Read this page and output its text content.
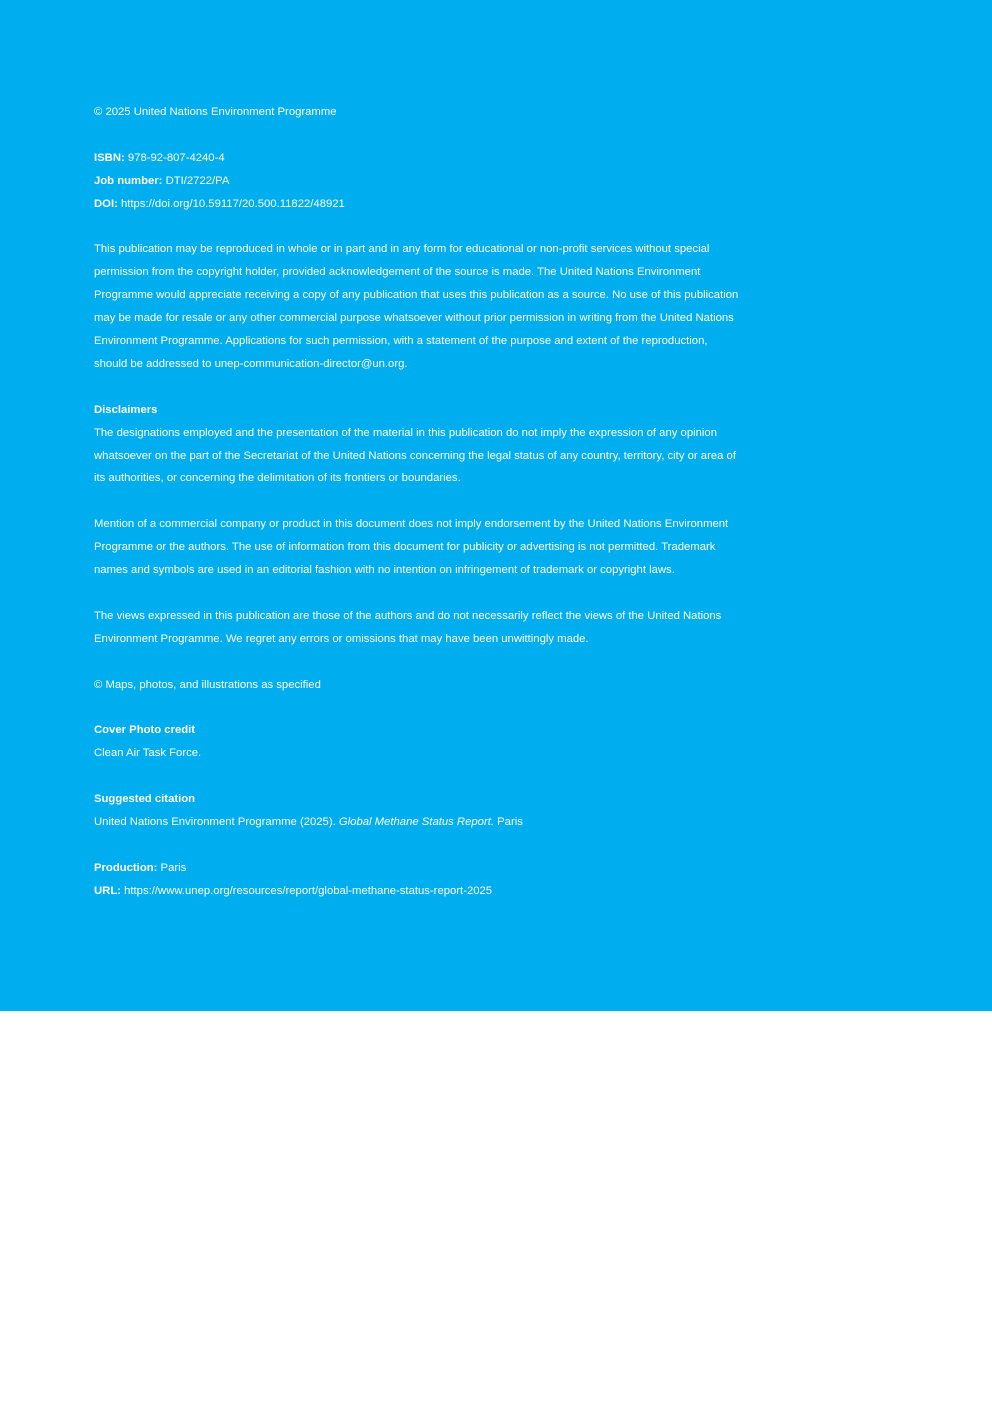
© 2025 United Nations Environment Programme

ISBN: 978-92-807-4240-4

Job number: DTI/2722/PA

DOI: https://doi.org/10.59117/20.500.11822/48921

This publication may be reproduced in whole or in part and in any form for educational or non-profit services without special permission from the copyright holder, provided acknowledgement of the source is made. The United Nations Environment Programme would appreciate receiving a copy of any publication that uses this publication as a source. No use of this publication may be made for resale or any other commercial purpose whatsoever without prior permission in writing from the United Nations Environment Programme. Applications for such permission, with a statement of the purpose and extent of the reproduction, should be addressed to unep-communication-director@un.org.

Disclaimers

The designations employed and the presentation of the material in this publication do not imply the expression of any opinion whatsoever on the part of the Secretariat of the United Nations concerning the legal status of any country, territory, city or area of its authorities, or concerning the delimitation of its frontiers or boundaries.

Mention of a commercial company or product in this document does not imply endorsement by the United Nations Environment Programme or the authors. The use of information from this document for publicity or advertising is not permitted. Trademark names and symbols are used in an editorial fashion with no intention on infringement of trademark or copyright laws.

The views expressed in this publication are those of the authors and do not necessarily reflect the views of the United Nations Environment Programme. We regret any errors or omissions that may have been unwittingly made.

© Maps, photos, and illustrations as specified

Cover Photo credit

Clean Air Task Force.

Suggested citation

United Nations Environment Programme (2025). Global Methane Status Report. Paris

Production: Paris

URL: https://www.unep.org/resources/report/global-methane-status-report-2025
